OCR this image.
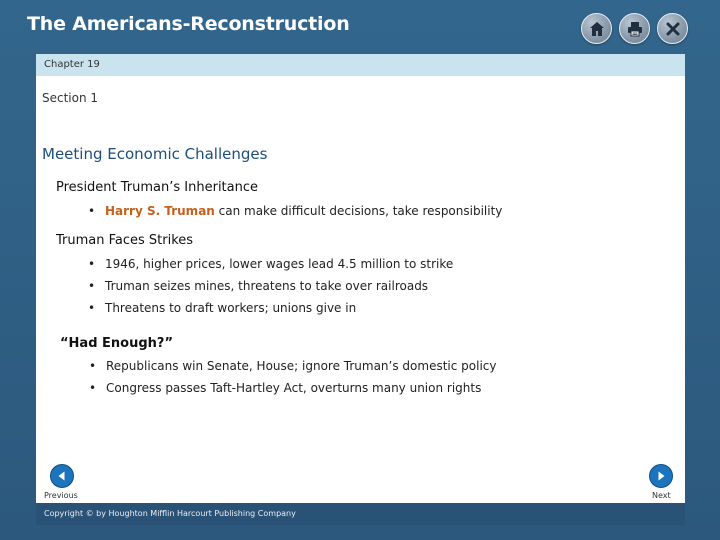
The Americans-Reconstruction
Chapter 19
Section 1
Meeting Economic Challenges
President Truman’s Inheritance
• Harry S. Truman can make difficult decisions, take responsibility
Truman Faces Strikes
• 1946, higher prices, lower wages lead 4.5 million to strike
• Truman seizes mines, threatens to take over railroads
• Threatens to draft workers; unions give in
“Had Enough?”
• Republicans win Senate, House; ignore Truman’s domestic policy
• Congress passes Taft-Hartley Act, overturns many union rights
Previous	Next
Copyright © by Houghton Mifflin Harcourt Publishing Company
